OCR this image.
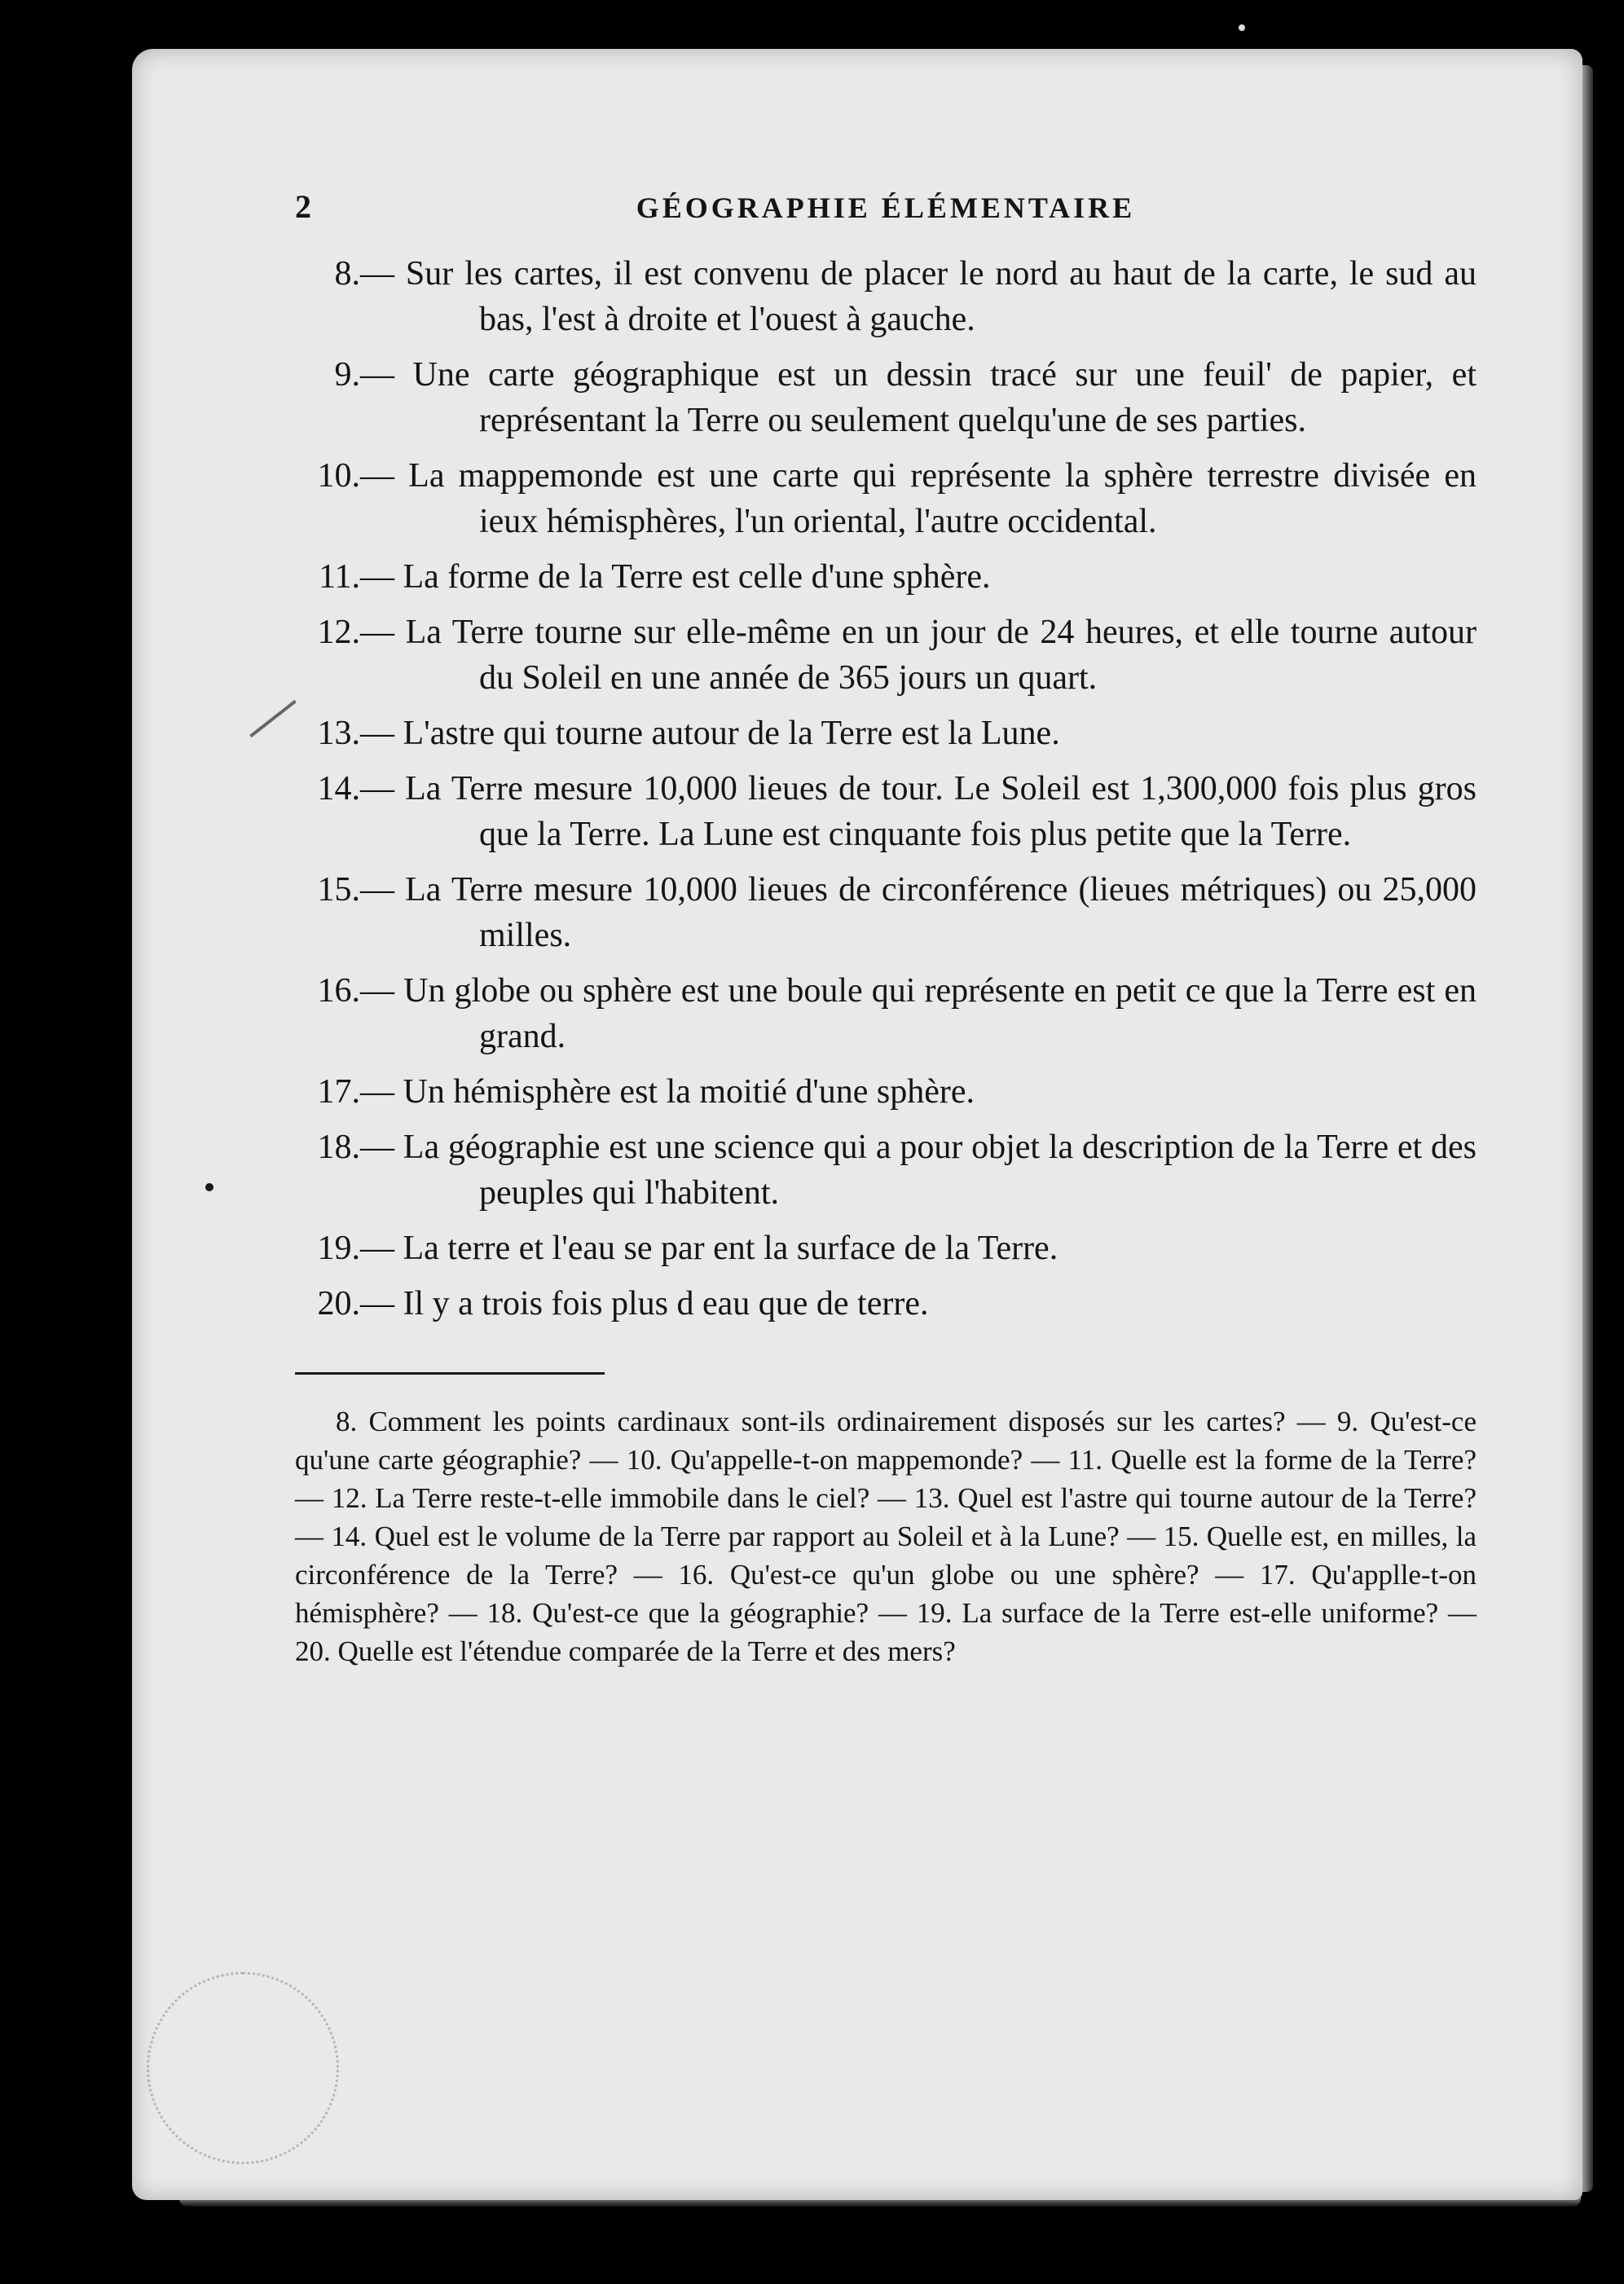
2	GÉOGRAPHIE ÉLÉMENTAIRE
8. — Sur les cartes, il est convenu de placer le nord au haut de la carte, le sud au bas, l'est à droite et l'ouest à gauche.
9. — Une carte géographique est un dessin tracé sur une feuil' de papier, et représentant la Terre ou seulement quelqu'une de ses parties.
10. — La mappemonde est une carte qui représente la sphère terrestre divisée en ieux hémisphères, l'un oriental, l'autre occidental.
11. — La forme de la Terre est celle d'une sphère.
12. — La Terre tourne sur elle-même en un jour de 24 heures, et elle tourne autour du Soleil en une année de 365 jours un quart.
13. — L'astre qui tourne autour de la Terre est la Lune.
14. — La Terre mesure 10,000 lieues de tour. Le Soleil est 1,300,000 fois plus gros que la Terre. La Lune est cinquante fois plus petite que la Terre.
15. — La Terre mesure 10,000 lieues de circonférence (lieues métriques) ou 25,000 milles.
16. — Un globe ou sphère est une boule qui représente en petit ce que la Terre est en grand.
17. — Un hémisphère est la moitié d'une sphère.
18. — La géographie est une science qui a pour objet la description de la Terre et des peuples qui l'habitent.
19. — La terre et l'eau se par ent la surface de la Terre.
20. — Il y a trois fois plus d eau que de terre.
8. Comment les points cardinaux sont-ils ordinairement disposés sur les cartes? — 9. Qu'est-ce qu'une carte géographie? — 10. Qu'appelle-t-on mappemonde? — 11. Quelle est la forme de la Terre? — 12. La Terre reste-t-elle immobile dans le ciel? — 13. Quel est l'astre qui tourne autour de la Terre? — 14. Quel est le volume de la Terre par rapport au Soleil et à la Lune? — 15. Quelle est, en milles, la circonférence de la Terre? — 16. Qu'est-ce qu'un globe ou une sphère? — 17. Qu'applle-t-on hémisphère? — 18. Qu'est-ce que la géographie? — 19. La surface de la Terre est-elle uniforme? — 20. Quelle est l'étendue comparée de la Terre et des mers?
